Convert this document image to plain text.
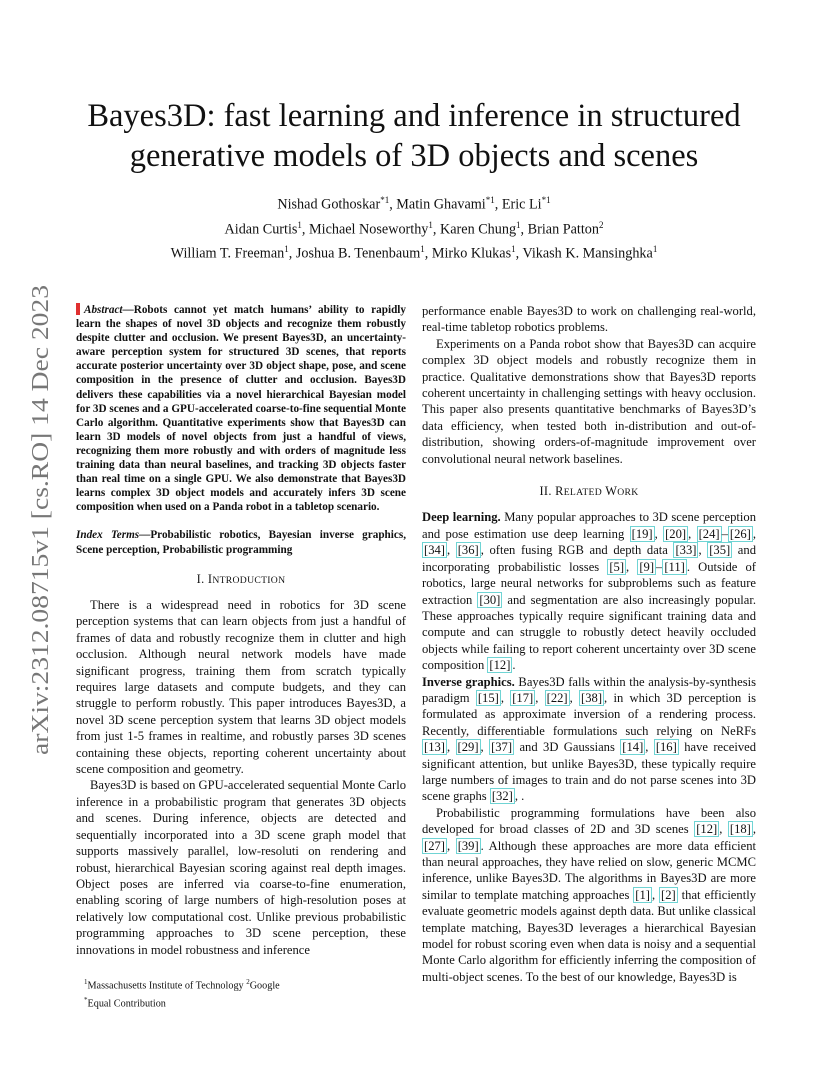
Bayes3D: fast learning and inference in structured
generative models of 3D objects and scenes
Nishad Gothoskar$^{*1}$, Matin Ghavami$^{*1}$, Eric Li$^{*1}$
Aidan Curtis$^1$, Michael Noseworthy$^1$, Karen Chung$^1$, Brian Patton$^2$
William T. Freeman$^1$, Joshua B. Tenenbaum$^1$, Mirko Klukas$^1$, Vikash K. Mansinghka$^1$
arXiv:2312.08715v1 [cs.RO] 14 Dec 2023

Abstract—Robots cannot yet match humans’ ability to rapidly learn the shapes of novel 3D objects and recognize them robustly despite clutter and occlusion. We present Bayes3D, an uncertainty-aware perception system for structured 3D scenes, that reports accurate posterior uncertainty over 3D object shape, pose, and scene composition in the presence of clutter and occlusion. Bayes3D delivers these capabilities via a novel hierarchical Bayesian model for 3D scenes and a GPU-accelerated coarse-to-fine sequential Monte Carlo algorithm. Quantitative experiments show that Bayes3D can learn 3D models of novel objects from just a handful of views, recognizing them more robustly and with orders of magnitude less training data than neural baselines, and tracking 3D objects faster than real time on a single GPU. We also demonstrate that Bayes3D learns complex 3D object models and accurately infers 3D scene composition when used on a Panda robot in a tabletop scenario.

Index Terms—Probabilistic robotics, Bayesian inverse graphics, Scene perception, Probabilistic programming

I. INTRODUCTION

There is a widespread need in robotics for 3D scene perception systems that can learn objects from just a handful of frames of data and robustly recognize them in clutter and high occlusion. Although neural network models have made significant progress, training them from scratch typically requires large datasets and compute budgets, and they can struggle to perform robustly. This paper introduces Bayes3D, a novel 3D scene perception system that learns 3D object models from just 1-5 frames in realtime, and robustly parses 3D scenes containing these objects, reporting coherent uncertainty about scene composition and geometry.

Bayes3D is based on GPU-accelerated sequential Monte Carlo inference in a probabilistic program that generates 3D objects and scenes. During inference, objects are detected and sequentially incorporated into a 3D scene graph model that supports massively parallel, low-resoluti on rendering and robust, hierarchical Bayesian scoring against real depth images. Object poses are inferred via coarse-to-fine enumeration, enabling scoring of large numbers of high-resolution poses at relatively low computational cost. Unlike previous probabilistic programming approaches to 3D scene perception, these innovations in model robustness and inference

performance enable Bayes3D to work on challenging real-world, real-time tabletop robotics problems.

Experiments on a Panda robot show that Bayes3D can acquire complex 3D object models and robustly recognize them in practice. Qualitative demonstrations show that Bayes3D reports coherent uncertainty in challenging settings with heavy occlusion. This paper also presents quantitative benchmarks of Bayes3D’s data efficiency, when tested both in-distribution and out-of-distribution, showing orders-of-magnitude improvement over convolutional neural network baselines.

II. RELATED WORK

Deep learning. Many popular approaches to 3D scene perception and pose estimation use deep learning [19] , [20] , [24] – [26] , [34] , [36] , often fusing RGB and depth data [33] , [35] and incorporating probabilistic losses [5] , [9] – [11] . Outside of robotics, large neural networks for subproblems such as feature extraction [30] and segmentation are also increasingly popular. These approaches typically require significant training data and compute and can struggle to robustly detect heavily occluded objects while failing to report coherent uncertainty over 3D scene composition [12] .

Inverse graphics. Bayes3D falls within the analysis-by-synthesis paradigm [15] , [17] , [22] , [38] , in which 3D perception is formulated as approximate inversion of a rendering process. Recently, differentiable formulations such relying on NeRFs [13] , [29] , [37] and 3D Gaussians [14] , [16] have received significant attention, but unlike Bayes3D, these typically require large numbers of images to train and do not parse scenes into 3D scene graphs [32] , .

Probabilistic programming formulations have been also developed for broad classes of 2D and 3D scenes [12] , [18] , [27] , [39] . Although these approaches are more data efficient than neural approaches, they have relied on slow, generic MCMC inference, unlike Bayes3D. The algorithms in Bayes3D are more similar to template matching approaches [1] , [2] that efficiently evaluate geometric models against depth data. But unlike classical template matching, Bayes3D leverages a hierarchical Bayesian model for robust scoring even when data is noisy and a sequential Monte Carlo algorithm for efficiently inferring the composition of multi-object scenes. To the best of our knowledge, Bayes3D is

$^1$Massachusetts Institute of Technology $^2$Google
*Equal Contribution
